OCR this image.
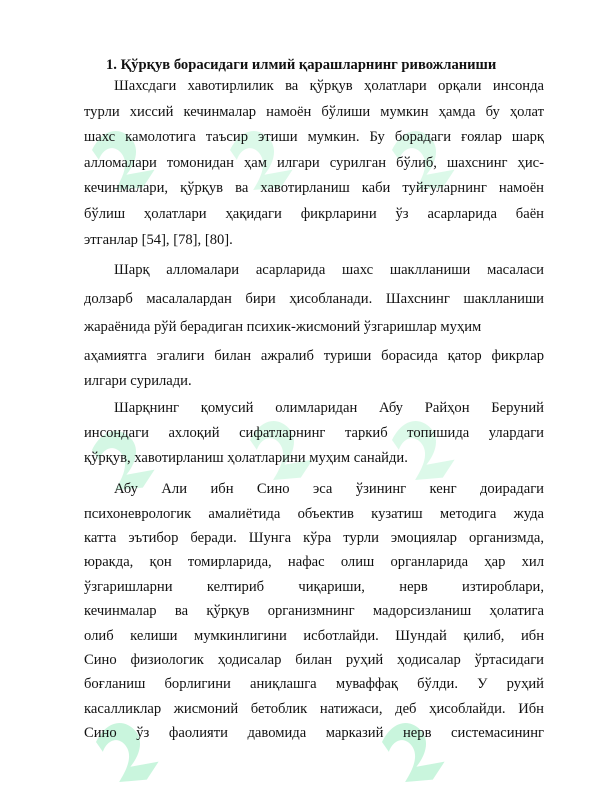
1. Қўрқув борасидаги илмий қарашларнинг ривожланиши
Шахсдаги хавотирлилик ва қўрқув ҳолатлари орқали инсонда
турли хиссий кечинмалар намоён бўлиши мумкин ҳамда бу ҳолат
шахс камолотига таъсир этиши мумкин. Бу борадаги ғоялар шарқ
алломалари томонидан ҳам илгари сурилган бўлиб, шахснинг ҳис-
кечинмалари, қўрқув ва хавотирланиш каби туйғуларнинг намоён
бўлиш ҳолатлари ҳақидаги фикрларини ўз асарларида баён
этганлар [54], [78], [80].
Шарқ алломалари асарларида шахс шаклланиши масаласи
долзарб масалалардан бири ҳисобланади. Шахснинг шаклланиши
жараёнида рўй берадиган психик-жисмоний ўзгаришлар муҳим
аҳамиятга эгалиги билан ажралиб туриши борасида қатор фикрлар
илгари сурилади.
Шарқнинг қомусий олимларидан Абу Райҳон Беруний
инсондаги ахлоқий сифатларнинг таркиб топишида улардаги
қўрқув, хавотирланиш ҳолатларини муҳим санайди.
Абу Али ибн Сино эса ўзининг кенг доирадаги
психоневрологик амалиётида объектив кузатиш методига жуда
катта эътибор беради. Шунга кўра турли эмоциялар организмда,
юракда, қон томирларида, нафас олиш органларида ҳар хил
ўзгаришларни келтириб чиқариши, нерв изтироблари,
кечинмалар ва қўрқув организмнинг мадорсизланиш ҳолатига
олиб келиши мумкинлигини исботлайди. Шундай қилиб, ибн
Сино физиологик ҳодисалар билан руҳий ҳодисалар ўртасидаги
боғланиш борлигини аниқлашга муваффақ бўлди. У руҳий
касалликлар жисмоний бетоблик натижаси, деб ҳисоблайди. Ибн
Сино ўз фаолияти давомида марказий нерв системасининг
